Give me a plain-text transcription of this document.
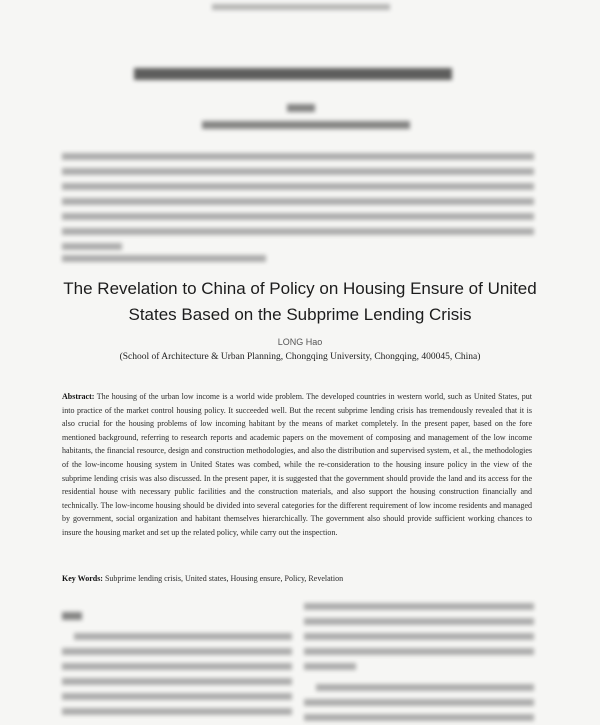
The Revelation to China of Policy on Housing Ensure of United States Based on the Subprime Lending Crisis
LONG Hao
(School of Architecture & Urban Planning, Chongqing University, Chongqing, 400045, China)
Abstract: The housing of the urban low income is a world wide problem. The developed countries in western world, such as United States, put into practice of the market control housing policy. It succeeded well. But the recent subprime lending crisis has tremendously revealed that it is also crucial for the housing problems of low incoming habitant by the means of market completely. In the present paper, based on the fore mentioned background, referring to research reports and academic papers on the movement of composing and management of the low income habitants, the financial resource, design and construction methodologies, and also the distribution and supervised system, et al., the methodologies of the low-income housing system in United States was combed, while the re-consideration to the housing insure policy in the view of the subprime lending crisis was also discussed. In the present paper, it is suggested that the government should provide the land and its access for the residential house with necessary public facilities and the construction materials, and also support the housing construction financially and technically. The low-income housing should be divided into several categories for the different requirement of low income residents and managed by government, social organization and habitant themselves hierarchically. The government also should provide sufficient working chances to insure the housing market and set up the related policy, while carry out the inspection.
Key Words: Subprime lending crisis, United states, Housing ensure, Policy, Revelation
